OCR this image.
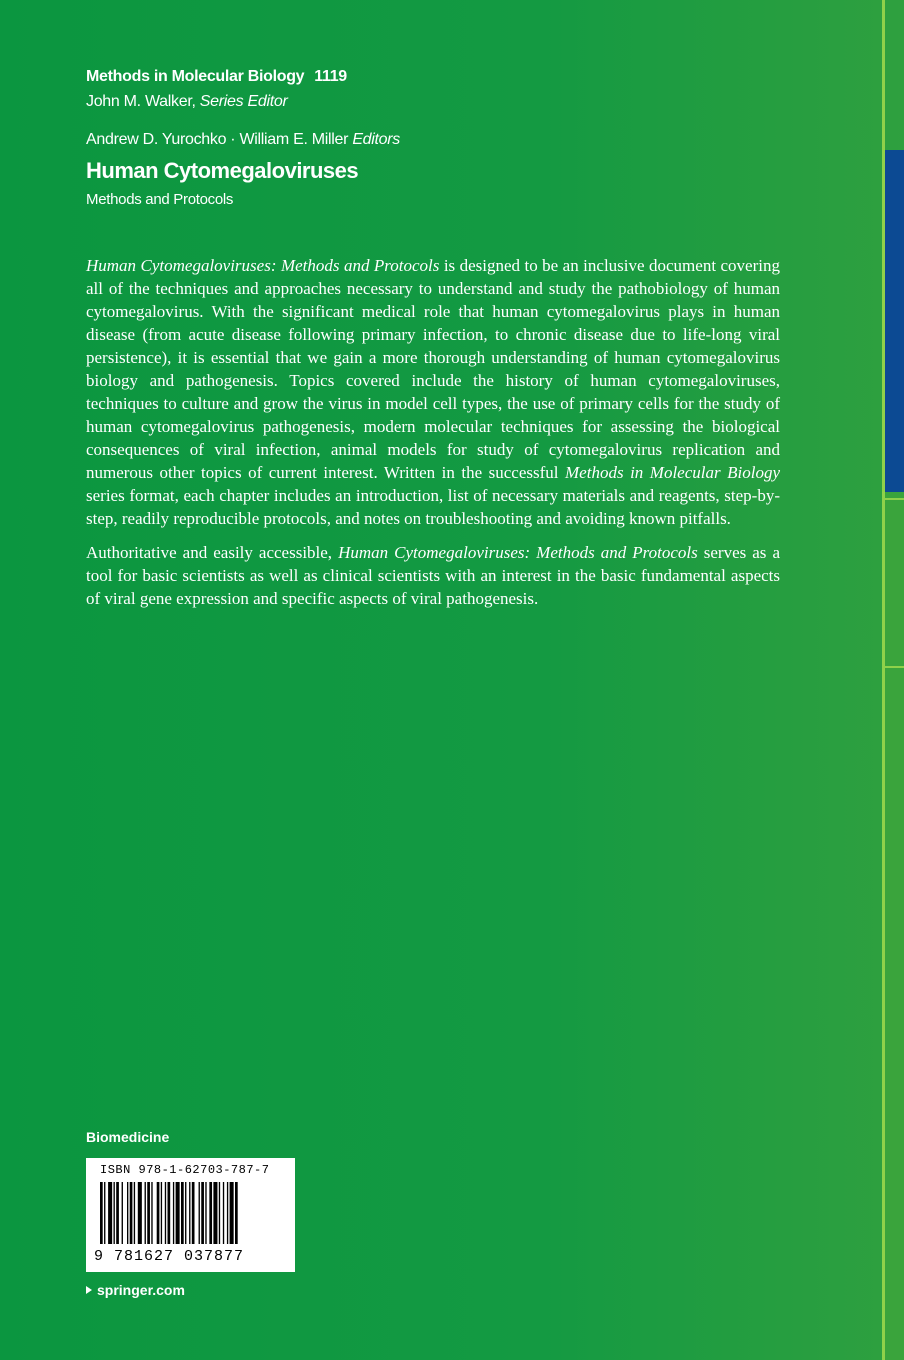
Methods in Molecular Biology 1119
John M. Walker, Series Editor
Andrew D. Yurochko · William E. Miller Editors
Human Cytomegaloviruses
Methods and Protocols

Human Cytomegaloviruses: Methods and Protocols is designed to be an inclusive document covering all of the techniques and approaches necessary to understand and study the pathobiology of human cytomegalovirus. With the significant medical role that human cytomegalovirus plays in human disease (from acute disease following primary infection, to chronic disease due to life-long viral persistence), it is essential that we gain a more thorough understanding of human cytomegalovirus biology and pathogenesis. Topics covered include the history of human cytomegaloviruses, techniques to culture and grow the virus in model cell types, the use of primary cells for the study of human cytomegalovirus pathogenesis, modern molecular techniques for assessing the biological consequences of viral infection, animal models for study of cytomegalovirus replication and numerous other topics of current interest. Written in the successful Methods in Molecular Biology series format, each chapter includes an introduction, list of necessary materials and reagents, step-by-step, readily reproducible protocols, and notes on troubleshooting and avoiding known pitfalls.

Authoritative and easily accessible, Human Cytomegaloviruses: Methods and Protocols serves as a tool for basic scientists as well as clinical scientists with an interest in the basic fundamental aspects of viral gene expression and specific aspects of viral pathogenesis.

Biomedicine
ISBN 978-1-62703-787-7
9 781627 037877
springer.com
